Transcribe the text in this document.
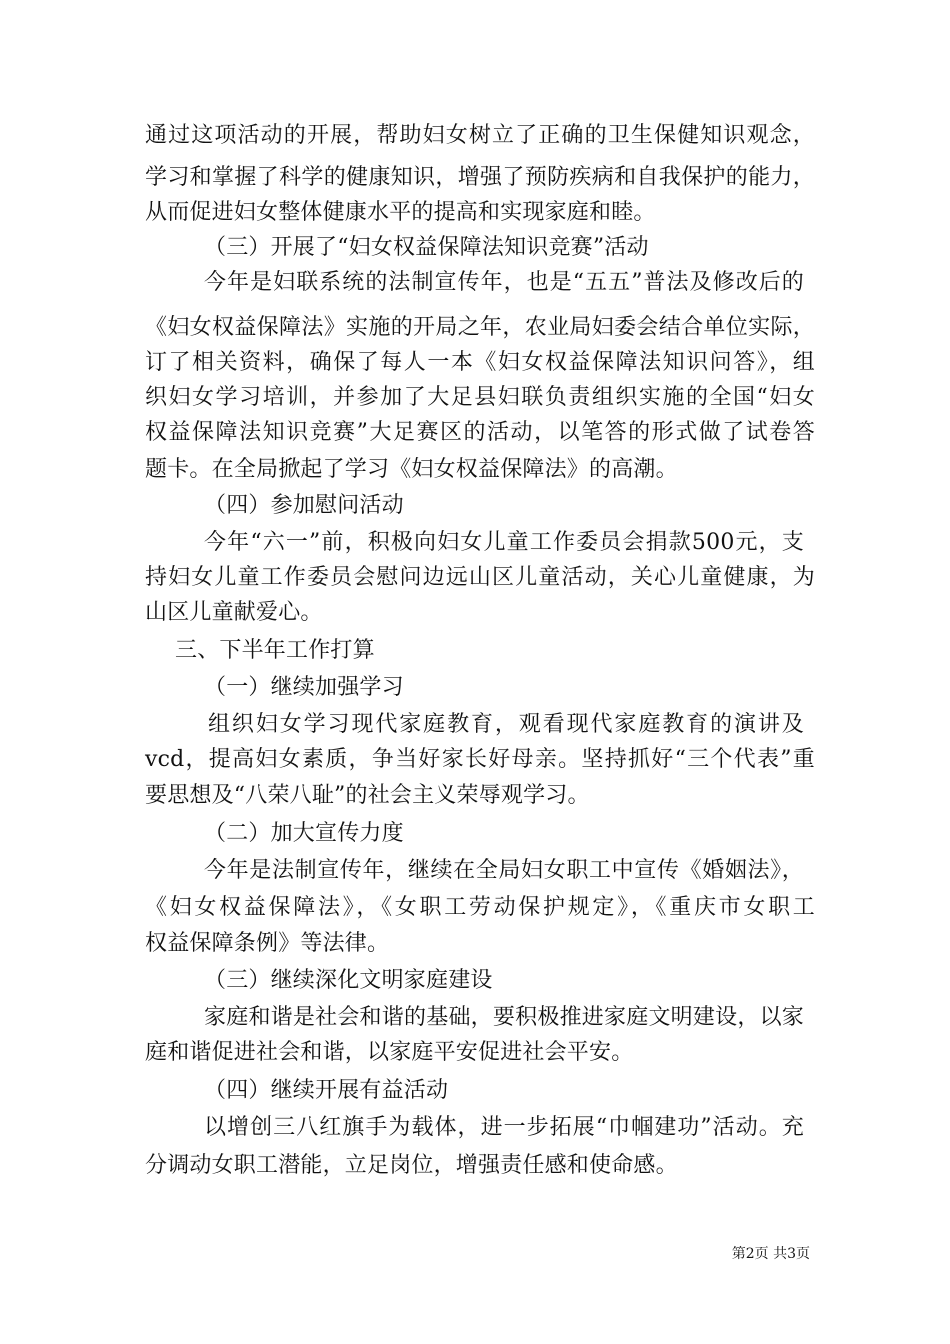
通过这项活动的开展，帮助妇女树立了正确的卫生保健知识观念，
学习和掌握了科学的健康知识，增强了预防疾病和自我保护的能力，
从而促进妇女整体健康水平的提高和实现家庭和睦。
（三）开展了“妇女权益保障法知识竞赛”活动
今年是妇联系统的法制宣传年，也是“五五”普法及修改后的
《妇女权益保障法》实施的开局之年，农业局妇委会结合单位实际，
订了相关资料，确保了每人一本《妇女权益保障法知识问答》，组
织妇女学习培训，并参加了大足县妇联负责组织实施的全国“妇女
权益保障法知识竞赛”大足赛区的活动，以笔答的形式做了试卷答
题卡。在全局掀起了学习《妇女权益保障法》的高潮。
（四）参加慰问活动
今年“六一”前，积极向妇女儿童工作委员会捐款500元，支
持妇女儿童工作委员会慰问边远山区儿童活动，关心儿童健康，为
山区儿童献爱心。
三、下半年工作打算
（一）继续加强学习
组织妇女学习现代家庭教育，观看现代家庭教育的演讲及
vcd，提高妇女素质，争当好家长好母亲。坚持抓好“三个代表”重
要思想及“八荣八耻”的社会主义荣辱观学习。
（二）加大宣传力度
今年是法制宣传年，继续在全局妇女职工中宣传《婚姻法》，
《妇女权益保障法》，《女职工劳动保护规定》，《重庆市女职工
权益保障条例》等法律。
（三）继续深化文明家庭建设
家庭和谐是社会和谐的基础，要积极推进家庭文明建设，以家
庭和谐促进社会和谐，以家庭平安促进社会平安。
（四）继续开展有益活动
以增创三八红旗手为载体，进一步拓展“巾帼建功”活动。充
分调动女职工潜能，立足岗位，增强责任感和使命感。
第2页 共3页
